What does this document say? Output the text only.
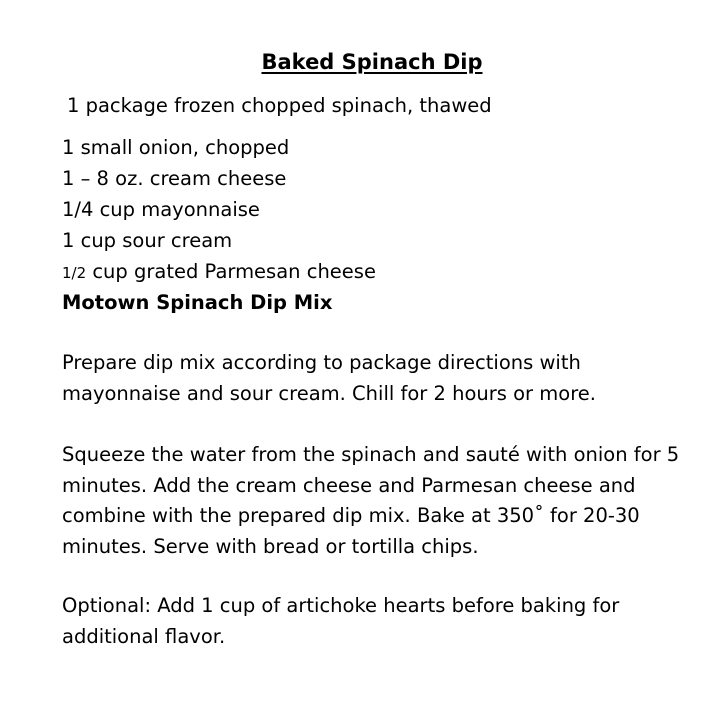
Baked Spinach Dip
1 package frozen chopped spinach, thawed
1 small onion, chopped
1 – 8 oz. cream cheese
1/4 cup mayonnaise
1 cup sour cream
1/2 cup grated Parmesan cheese
Motown Spinach Dip Mix
Prepare dip mix according to package directions with
mayonnaise and sour cream. Chill for 2 hours or more.
Squeeze the water from the spinach and sauté with onion for 5
minutes. Add the cream cheese and Parmesan cheese and
combine with the prepared dip mix. Bake at 350˚ for 20-30
minutes. Serve with bread or tortilla chips.
Optional: Add 1 cup of artichoke hearts before baking for
additional flavor.
